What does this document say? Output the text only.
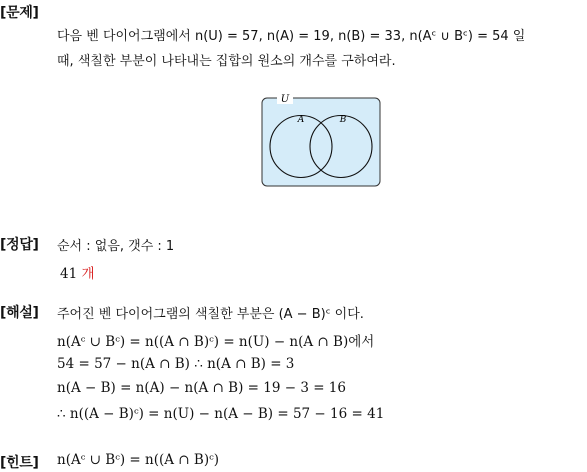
[문제]
다음 벤 다이어그램에서 n(U) = 57, n(A) = 19, n(B) = 33, n(Aᶜ ∪ Bᶜ) = 54 일
때, 색칠한 부분이 나타내는 집합의 원소의 개수를 구하여라.
U
A	B
[정답] 순서 : 없음, 갯수 : 1
41 개
[해설] 주어진 벤 다이어그램의 색칠한 부분은 (A − B)ᶜ 이다.
n(Aᶜ ∪ Bᶜ) = n((A ∩ B)ᶜ) = n(U) − n(A ∩ B)에서
54 = 57 − n(A ∩ B) ∴ n(A ∩ B) = 3
n(A − B) = n(A) − n(A ∩ B) = 19 − 3 = 16
∴ n((A − B)ᶜ) = n(U) − n(A − B) = 57 − 16 = 41
[힌트] n(Aᶜ ∪ Bᶜ) = n((A ∩ B)ᶜ)
